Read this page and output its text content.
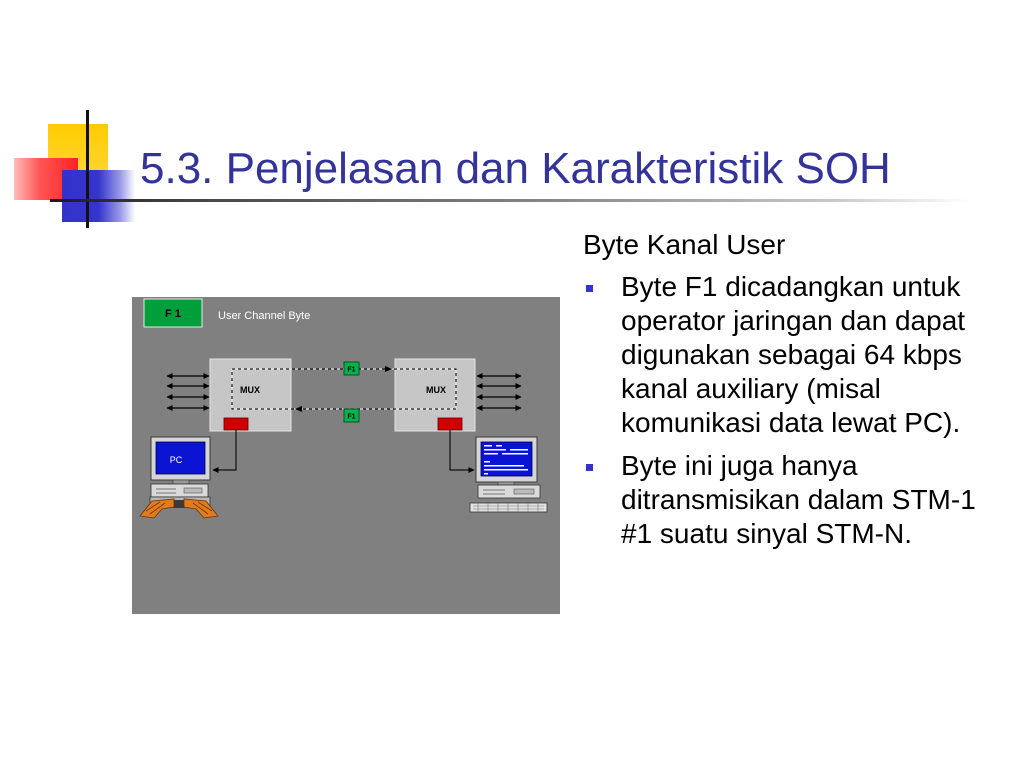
5.3. Penjelasan dan Karakteristik SOH
F 1	User Channel Byte
MUX	MUX
F1
F1
PC
Byte Kanal User
Byte F1 dicadangkan untuk
operator jaringan dan dapat
digunakan sebagai 64 kbps
kanal auxiliary (misal
komunikasi data lewat PC).
Byte ini juga hanya
ditransmisikan dalam STM-1
#1 suatu sinyal STM-N.
